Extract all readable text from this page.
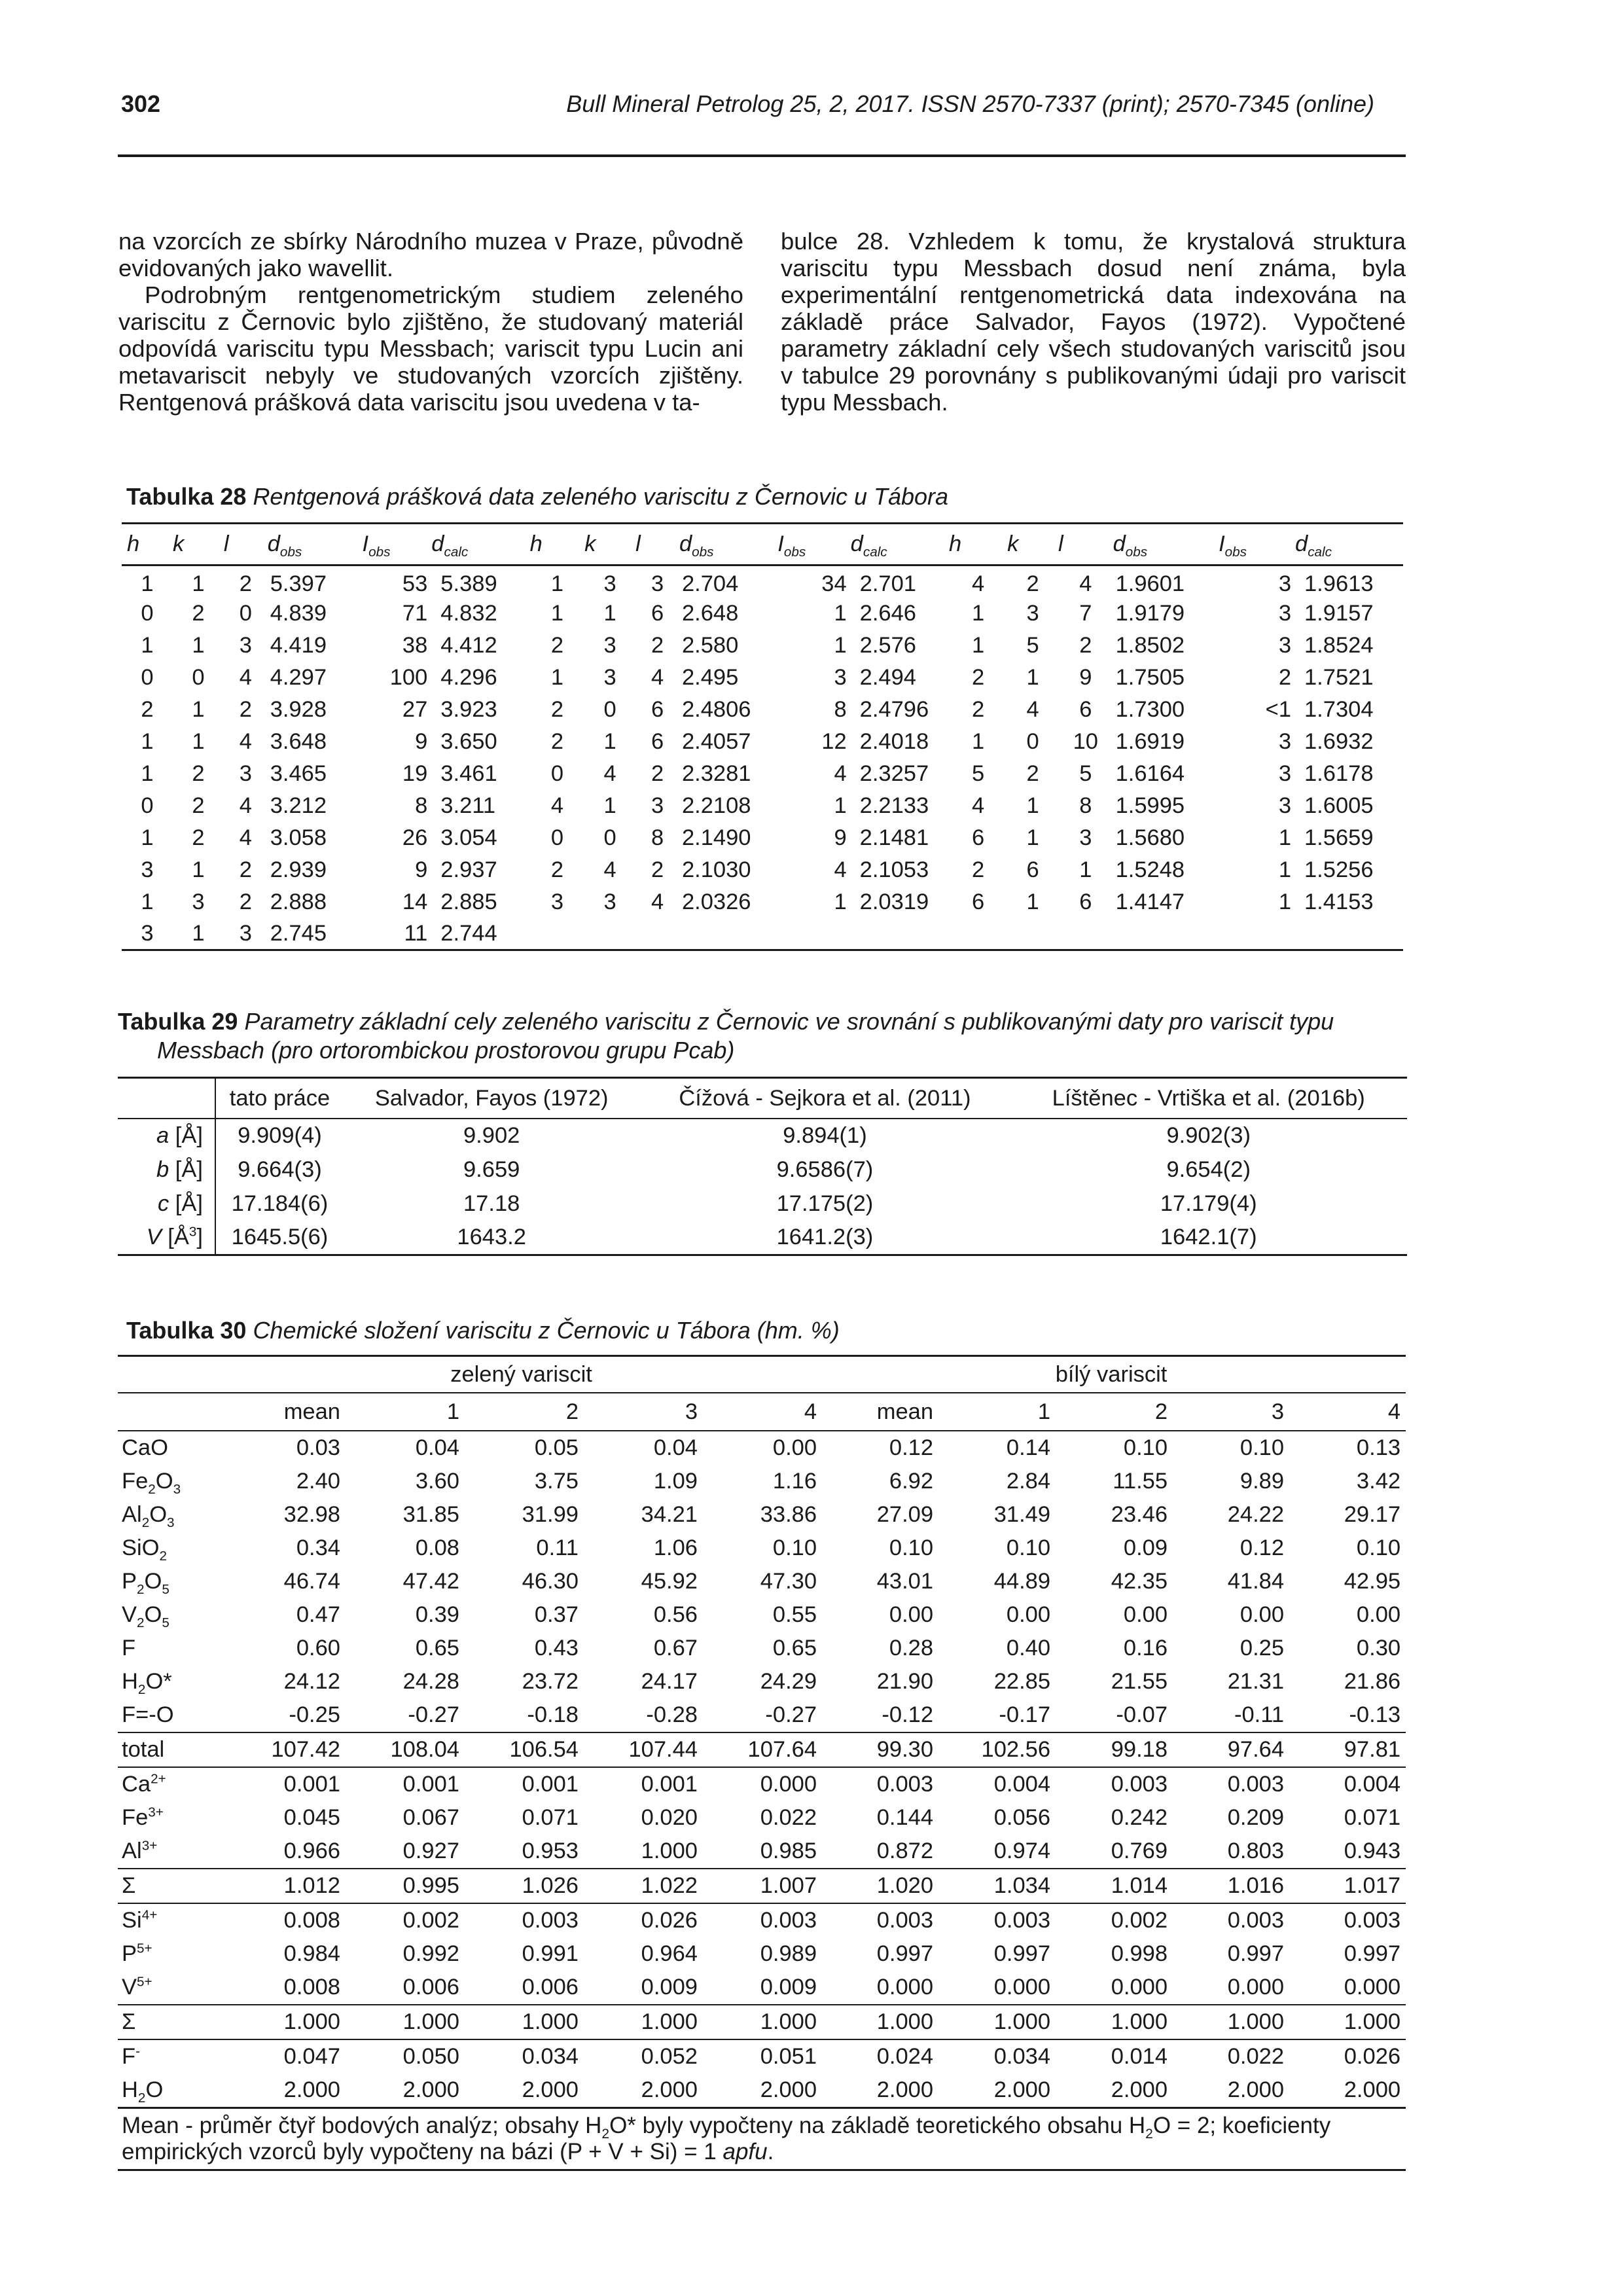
302	Bull Mineral Petrolog 25, 2, 2017. ISSN 2570-7337 (print); 2570-7345 (online)

na vzorcích ze sbírky Národního muzea v Praze, původně evidovaných jako wavellit.

Podrobným rentgenometrickým studiem zeleného variscitu z Černovic bylo zjištěno, že studovaný materiál odpovídá variscitu typu Messbach; variscit typu Lucin ani metavariscit nebyly ve studovaných vzorcích zjištěny. Rentgenová prášková data variscitu jsou uvedena v ta-

bulce 28. Vzhledem k tomu, že krystalová struktura variscitu typu Messbach dosud není známa, byla experimentální rentgenometrická data indexována na základě práce Salvador, Fayos (1972). Vypočtené parametry základní cely všech studovaných variscitů jsou v tabulce 29 porovnány s publikovanými údaji pro variscit typu Messbach.

Tabulka 28 Rentgenová prášková data zeleného variscitu z Černovic u Tábora
h	k	l	$d_{obs}$	$I_{obs}$	$d_{calc}$	h	k	l	$d_{obs}$	$I_{obs}$	$d_{calc}$	h	k	l	$d_{obs}$	$I_{obs}$	$d_{calc}$
1	1	2	5.397	53	5.389	1	3	3	2.704	34	2.701	4	2	4	1.9601	3	1.9613
0	2	0	4.839	71	4.832	1	1	6	2.648	1	2.646	1	3	7	1.9179	3	1.9157
1	1	3	4.419	38	4.412	2	3	2	2.580	1	2.576	1	5	2	1.8502	3	1.8524
0	0	4	4.297	100	4.296	1	3	4	2.495	3	2.494	2	1	9	1.7505	2	1.7521
2	1	2	3.928	27	3.923	2	0	6	2.4806	8	2.4796	2	4	6	1.7300	<1	1.7304
1	1	4	3.648	9	3.650	2	1	6	2.4057	12	2.4018	1	0	10	1.6919	3	1.6932
1	2	3	3.465	19	3.461	0	4	2	2.3281	4	2.3257	5	2	5	1.6164	3	1.6178
0	2	4	3.212	8	3.211	4	1	3	2.2108	1	2.2133	4	1	8	1.5995	3	1.6005
1	2	4	3.058	26	3.054	0	0	8	2.1490	9	2.1481	6	1	3	1.5680	1	1.5659
3	1	2	2.939	9	2.937	2	4	2	2.1030	4	2.1053	2	6	1	1.5248	1	1.5256
1	3	2	2.888	14	2.885	3	3	4	2.0326	1	2.0319	6	1	6	1.4147	1	1.4153
3	1	3	2.745	11	2.744												
Tabulka 29 Parametry základní cely zeleného variscitu z Černovic ve srovnání s publikovanými daty pro variscit typu
Messbach (pro ortorombickou prostorovou grupu Pcab)
	tato práce	Salvador, Fayos (1972)	Čížová - Sejkora et al. (2011)	Líštěnec - Vrtiška et al. (2016b)
a [Å]	9.909(4)	9.902	9.894(1)	9.902(3)
b [Å]	9.664(3)	9.659	9.6586(7)	9.654(2)
c [Å]	17.184(6)	17.18	17.175(2)	17.179(4)
V $[Å^3]$	1645.5(6)	1643.2	1641.2(3)	1642.1(7)
Tabulka 30 Chemické složení variscitu z Černovic u Tábora (hm. %)
	zelený variscit					bílý variscit				
	mean	1	2	3	4	mean	1	2	3	4
CaO	0.03	0.04	0.05	0.04	0.00	0.12	0.14	0.10	0.10	0.13
$Fe_2O_3$	2.40	3.60	3.75	1.09	1.16	6.92	2.84	11.55	9.89	3.42
$Al_2O_3$	32.98	31.85	31.99	34.21	33.86	27.09	31.49	23.46	24.22	29.17
SiO$_2$	0.34	0.08	0.11	1.06	0.10	0.10	0.10	0.09	0.12	0.10
$P_2O_5$	46.74	47.42	46.30	45.92	47.30	43.01	44.89	42.35	41.84	42.95
$V_2O_5$	0.47	0.39	0.37	0.56	0.55	0.00	0.00	0.00	0.00	0.00
F	0.60	0.65	0.43	0.67	0.65	0.28	0.40	0.16	0.25	0.30
$H_2O*$	24.12	24.28	23.72	24.17	24.29	21.90	22.85	21.55	21.31	21.86
F=-O	-0.25	-0.27	-0.18	-0.28	-0.27	-0.12	-0.17	-0.07	-0.11	-0.13
total	107.42	108.04	106.54	107.44	107.64	99.30	102.56	99.18	97.64	97.81
$Ca^{2+}$	0.001	0.001	0.001	0.001	0.000	0.003	0.004	0.003	0.003	0.004
$Fe^{3+}$	0.045	0.067	0.071	0.020	0.022	0.144	0.056	0.242	0.209	0.071
$Al^{3+}$	0.966	0.927	0.953	1.000	0.985	0.872	0.974	0.769	0.803	0.943
Σ	1.012	0.995	1.026	1.022	1.007	1.020	1.034	1.014	1.016	1.017
$Si^{4+}$	0.008	0.002	0.003	0.026	0.003	0.003	0.003	0.002	0.003	0.003
$P^{5+}$	0.984	0.992	0.991	0.964	0.989	0.997	0.997	0.998	0.997	0.997
$V^{5+}$	0.008	0.006	0.006	0.009	0.009	0.000	0.000	0.000	0.000	0.000
Σ	1.000	1.000	1.000	1.000	1.000	1.000	1.000	1.000	1.000	1.000
F-	0.047	0.050	0.034	0.052	0.051	0.024	0.034	0.014	0.022	0.026
$H_2O$	2.000	2.000	2.000	2.000	2.000	2.000	2.000	2.000	2.000	2.000
Mean - průměr čtyř bodových analýz; obsahy $H_2O*$ byly vypočteny na základě teoretického obsahu $H_2O = 2$; koeficienty empirických vzorců byly vypočteny na bázi (P + V + Si) = 1 apfu.										
